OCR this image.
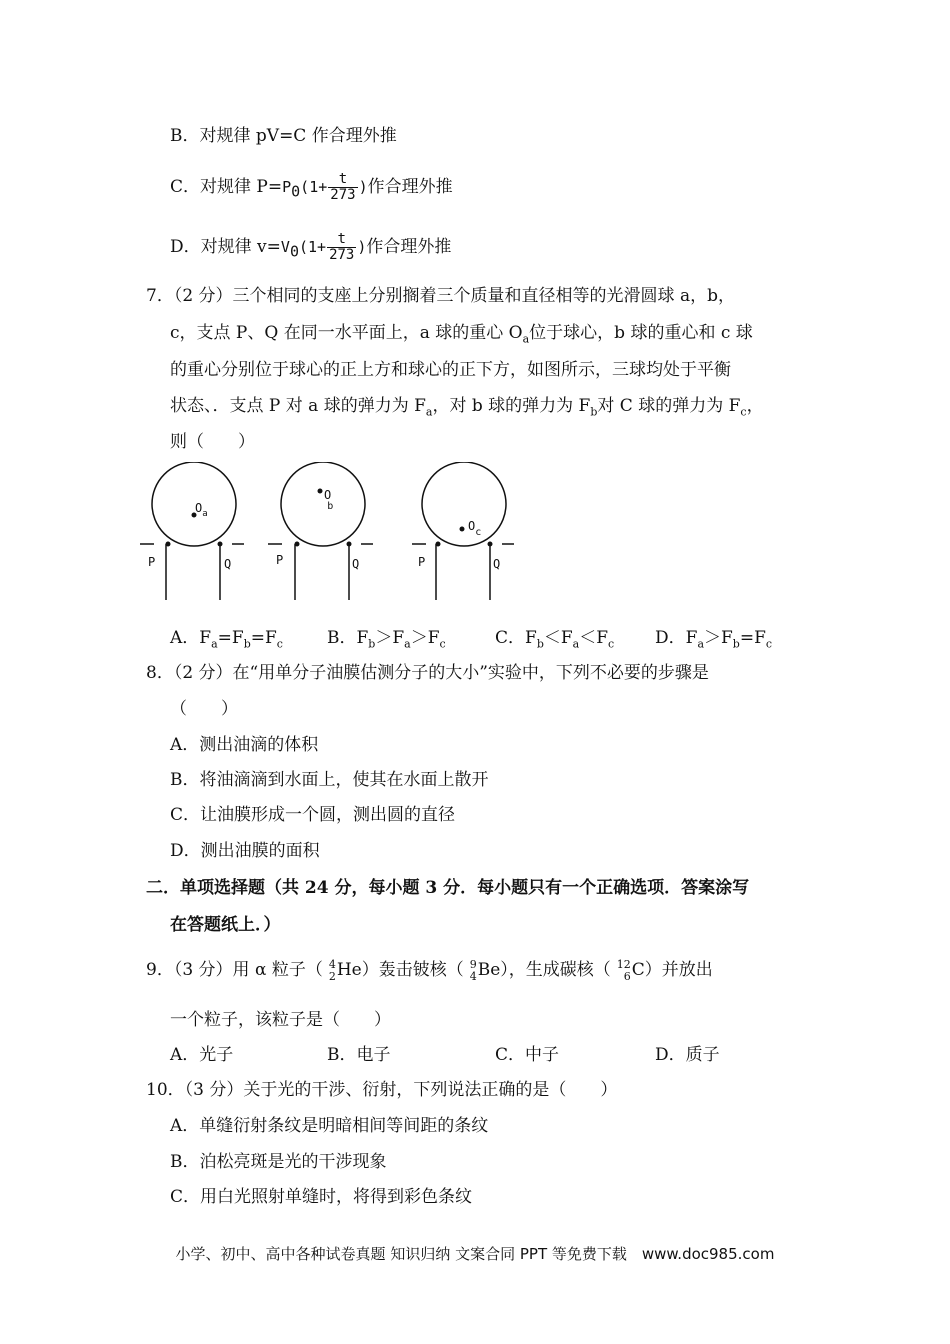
B．对规律 pV=C 作合理外推
C．对规律 $P=P_0(1+ \frac{t}{273}$ )作合理外推
D．对规律 $v=V_0(1+ \frac{t}{273}$ )作合理外推
7．（2 分）三个相同的支座上分别搁着三个质量和直径相等的光滑圆球 a，b，
c，支点 P、Q 在同一水平面上，a 球的重心 $O_a$位于球心，b 球的重心和 c 球
的重心分别位于球心的正上方和球心的正下方，如图所示，三球均处于平衡
状态、．支点 P 对 a 球的弹力为 $F_a$，对 b 球的弹力为 $F_b$对 C 球的弹力为 $F_c$，
则（　　）
$O_a$
P	Q
O b
P	Q
$O_c$
P	Q
A．$F_a=F_b=F_c$	B．$F_b>F_a>F_c$	C．$F_b<F_a<F_c$ D．$F_a>F_b=F_c$
8．（2 分）在“用单分子油膜估测分子的大小”实验中，下列不必要的步骤是
（　　）
A．测出油滴的体积
B．将油滴滴到水面上，使其在水面上散开
C．让油膜形成一个圆，测出圆的直径
D．测出油膜的面积
二．单项选择题（共 24 分，每小题 3 分．每小题只有一个正确选项．答案涂写
在答题纸上．）
9．（3 分）用 α 粒子（ 4
2 He）轰击铍核（ 9
4 Be），生成碳核（ 12
6 C）并放出
一个粒子，该粒子是（　　）
A．光子	B．电子	C．中子	D．质子
10．（3 分）关于光的干涉、衍射，下列说法正确的是（　　）
A．单缝衍射条纹是明暗相间等间距的条纹
B．泊松亮斑是光的干涉现象
C．用白光照射单缝时，将得到彩色条纹
小学、初中、高中各种试卷真题 知识归纳 文案合同 PPT 等免费下载　www.doc985.com
